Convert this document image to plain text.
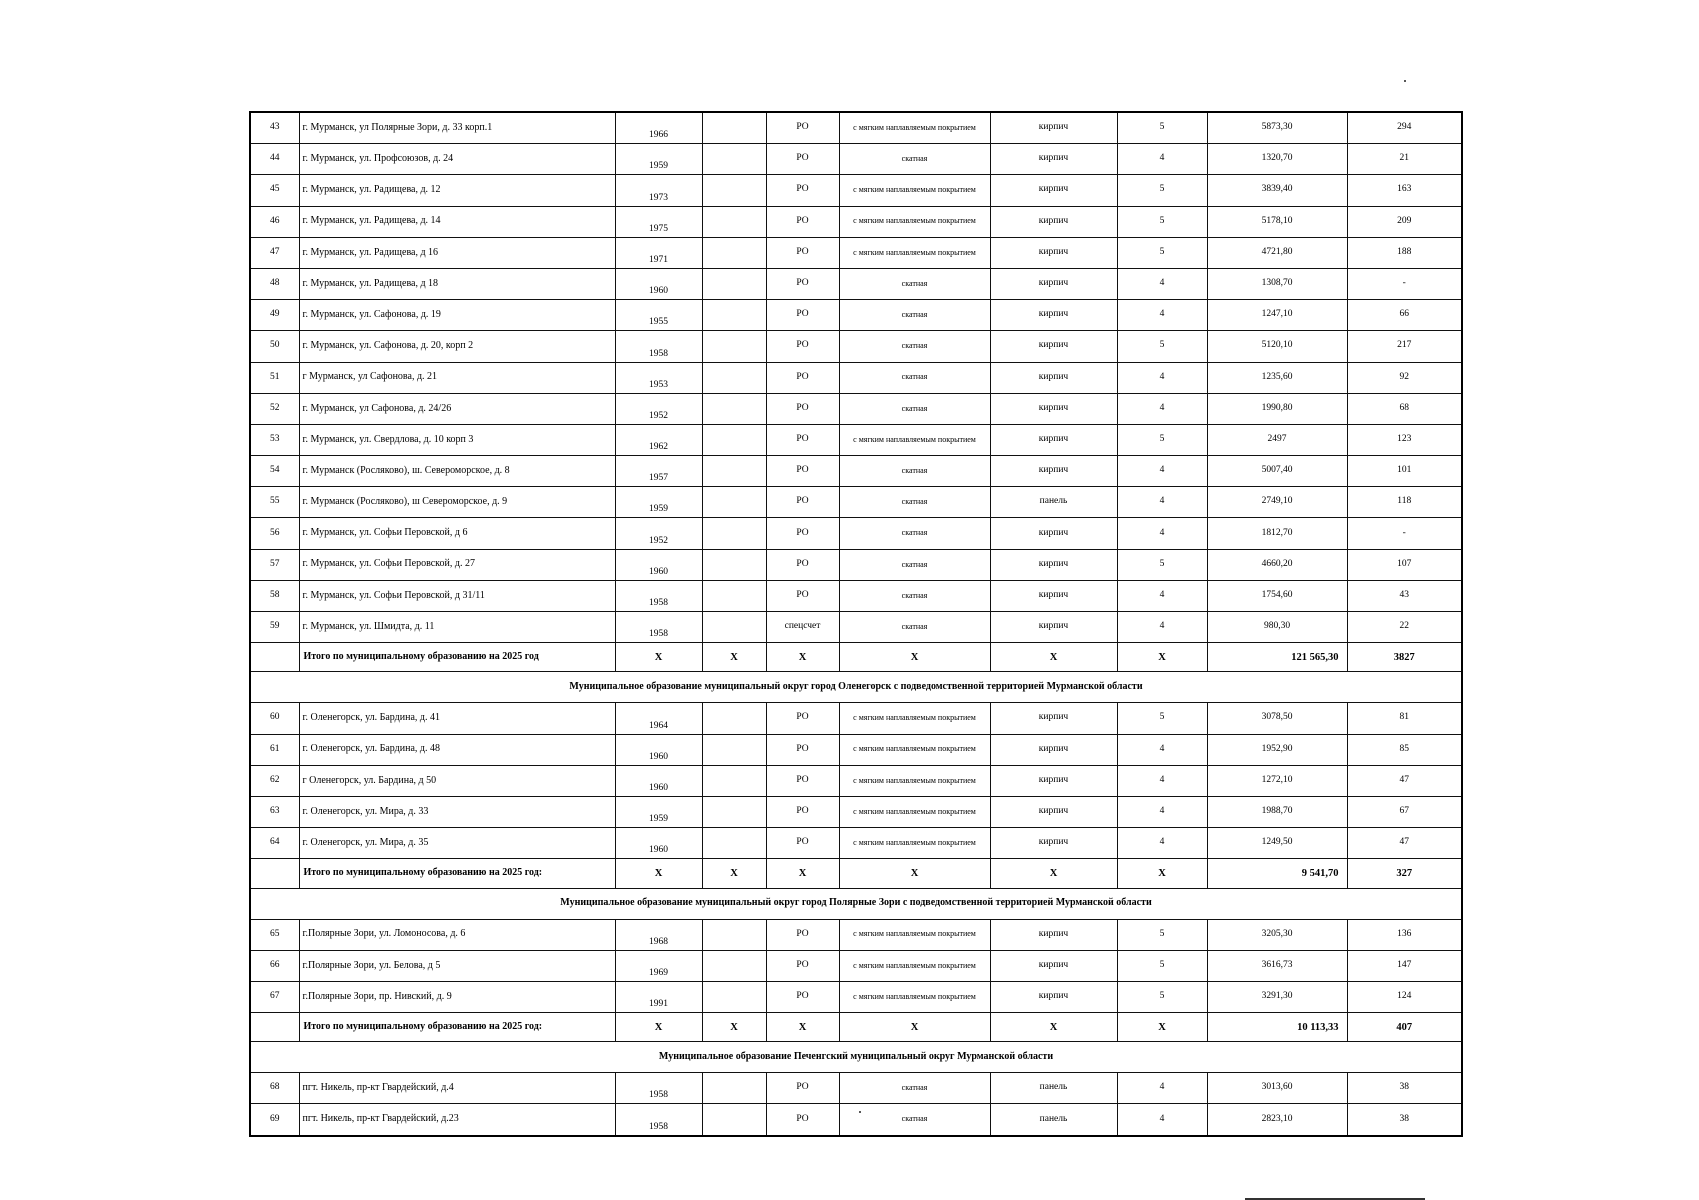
43	г. Мурманск, ул Полярные Зори, д. 33 корп.1	1966		РО	с мягким наплавляемым покрытием	кирпич	5	5873,30	294
44	г. Мурманск, ул. Профсоюзов, д. 24	1959		РО	скатная	кирпич	4	1320,70	21
45	г. Мурманск, ул. Радищева, д. 12	1973		РО	с мягким наплавляемым покрытием	кирпич	5	3839,40	163
46	г. Мурманск, ул. Радищева, д. 14	1975		РО	с мягким наплавляемым покрытием	кирпич	5	5178,10	209
47	г. Мурманск, ул. Радищева, д 16	1971		РО	с мягким наплавляемым покрытием	кирпич	5	4721,80	188
48	г. Мурманск, ул. Радищева, д 18	1960		РО	скатная	кирпич	4	1308,70	-
49	г. Мурманск, ул. Сафонова, д. 19	1955		РО	скатная	кирпич	4	1247,10	66
50	г. Мурманск, ул. Сафонова, д. 20, корп 2	1958		РО	скатная	кирпич	5	5120,10	217
51	г Мурманск, ул Сафонова, д. 21	1953		РО	скатная	кирпич	4	1235,60	92
52	г. Мурманск, ул Сафонова, д. 24/26	1952		РО	скатная	кирпич	4	1990,80	68
53	г. Мурманск, ул. Свердлова, д. 10 корп 3	1962		РО	с мягким наплавляемым покрытием	кирпич	5	2497	123
54	г. Мурманск (Росляково), ш. Североморское, д. 8	1957		РО	скатная	кирпич	4	5007,40	101
55	г. Мурманск (Росляково), ш Североморское, д. 9	1959		РО	скатная	панель	4	2749,10	118
56	г. Мурманск, ул. Софьи Перовской, д 6	1952		РО	скатная	кирпич	4	1812,70	-
57	г. Мурманск, ул. Софьи Перовской, д. 27	1960		РО	скатная	кирпич	5	4660,20	107
58	г. Мурманск, ул. Софьи Перовской, д 31/11	1958		РО	скатная	кирпич	4	1754,60	43
59	г. Мурманск, ул. Шмидта, д. 11	1958		спецсчет	скатная	кирпич	4	980,30	22
	Итого по муниципальному образованию на 2025 год	Х	Х	Х	Х	Х	Х	121 565,30	3827
Муниципальное образование муниципальный округ город Оленегорск с подведомственной территорией Мурманской области									
60	г. Оленегорск, ул. Бардина, д. 41	1964		РО	с мягким наплавляемым покрытием	кирпич	5	3078,50	81
61	г. Оленегорск, ул. Бардина, д. 48	1960		РО	с мягким наплавляемым покрытием	кирпич	4	1952,90	85
62	г Оленегорск, ул. Бардина, д 50	1960		РО	с мягким наплавляемым покрытием	кирпич	4	1272,10	47
63	г. Оленегорск, ул. Мира, д. 33	1959		РО	с мягким наплавляемым покрытием	кирпич	4	1988,70	67
64	г. Оленегорск, ул. Мира, д. 35	1960		РО	с мягким наплавляемым покрытием	кирпич	4	1249,50	47
	Итого по муниципальному образованию на 2025 год:	Х	Х	Х	Х	Х	Х	9 541,70	327
Муниципальное образование муниципальный округ город Полярные Зори с подведомственной территорией Мурманской области									
65	г.Полярные Зори, ул. Ломоносова, д. 6	1968		РО	с мягким наплавляемым покрытием	кирпич	5	3205,30	136
66	г.Полярные Зори, ул. Белова, д 5	1969		РО	с мягким наплавляемым покрытием	кирпич	5	3616,73	147
67	г.Полярные Зори, пр. Нивский, д. 9	1991		РО	с мягким наплавляемым покрытием	кирпич	5	3291,30	124
	Итого по муниципальному образованию на 2025 год:	Х	Х	Х	Х	Х	Х	10 113,33	407
Муниципальное образование Печенгский муниципальный округ Мурманской области									
68	пгт. Никель, пр-кт Гвардейский, д.4	1958		РО	скатная	панель	4	3013,60	38
69	пгт. Никель, пр-кт Гвардейский, д.23	1958		РО	скатная	панель	4	2823,10	38
